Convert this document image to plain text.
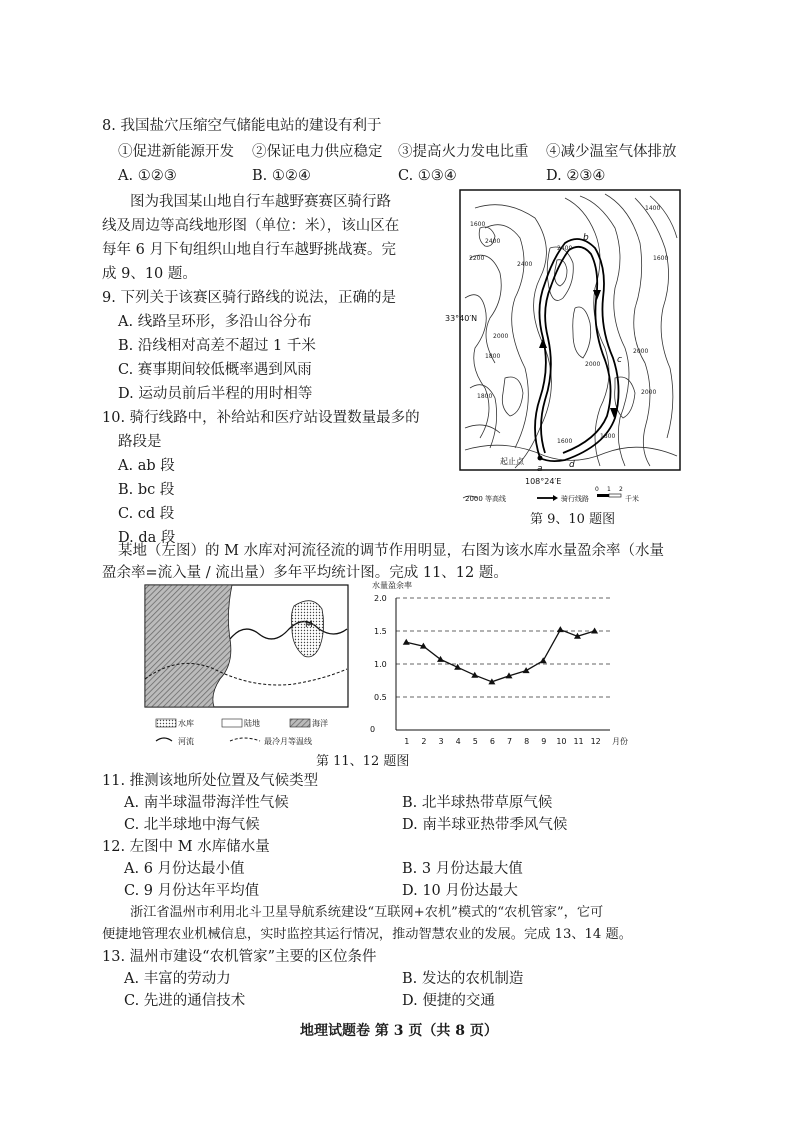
8. 我国盐穴压缩空气储能电站的建设有利于
①促进新能源开发 ②保证电力供应稳定 ③提高火力发电比重 ④减少温室气体排放
A. ①②③	B. ①②④	C. ①③④	D. ②③④
图为我国某山地自行车越野赛赛区骑行路
线及周边等高线地形图（单位：米），该山区在
每年 6 月下旬组织山地自行车越野挑战赛。完
成 9、10 题。
9. 下列关于该赛区骑行路线的说法，正确的是
A. 线路呈环形，多沿山谷分布
B. 沿线相对高差不超过 1 千米
C. 赛事期间较低概率遇到风雨
D. 运动员前后半程的用时相等
10. 骑行线路中，补给站和医疗站设置数量最多的
路段是
A. ab 段
B. bc 段
C. cd 段
D. da 段
起止点
1600
2400
2200
2400
1400
1600
2000
1800
2400
2000
1800
2000
1600
2000
1800
a
b
c
d
33°40′N
108°24′E
2000 等高线	骑行线路
0 1 2
千米
第 9、10 题图
某地（左图）的 M 水库对河流径流的调节作用明显，右图为该水库水量盈余率（水量
盈余率=流入量 / 流出量）多年平均统计图。完成 11、12 题。
M
水库	陆地	海洋
河流	最冷月等温线
水量盈余率
0.5
1.0
1.5
2.0
1 2 3 4 5 6 7 8 9 10 11 12
0
月份
第 11、12 题图
11. 推测该地所处位置及气候类型
A. 南半球温带海洋性气候	B. 北半球热带草原气候
C. 北半球地中海气候	D. 南半球亚热带季风气候
12. 左图中 M 水库储水量
A. 6 月份达最小值	B. 3 月份达最大值
C. 9 月份达年平均值	D. 10 月份达最大
浙江省温州市利用北斗卫星导航系统建设“互联网+农机”模式的“农机管家”，它可
便捷地管理农业机械信息，实时监控其运行情况，推动智慧农业的发展。完成 13、14 题。
13. 温州市建设“农机管家”主要的区位条件
A. 丰富的劳动力	B. 发达的农机制造
C. 先进的通信技术	D. 便捷的交通
地理试题卷 第 3 页（共 8 页）
